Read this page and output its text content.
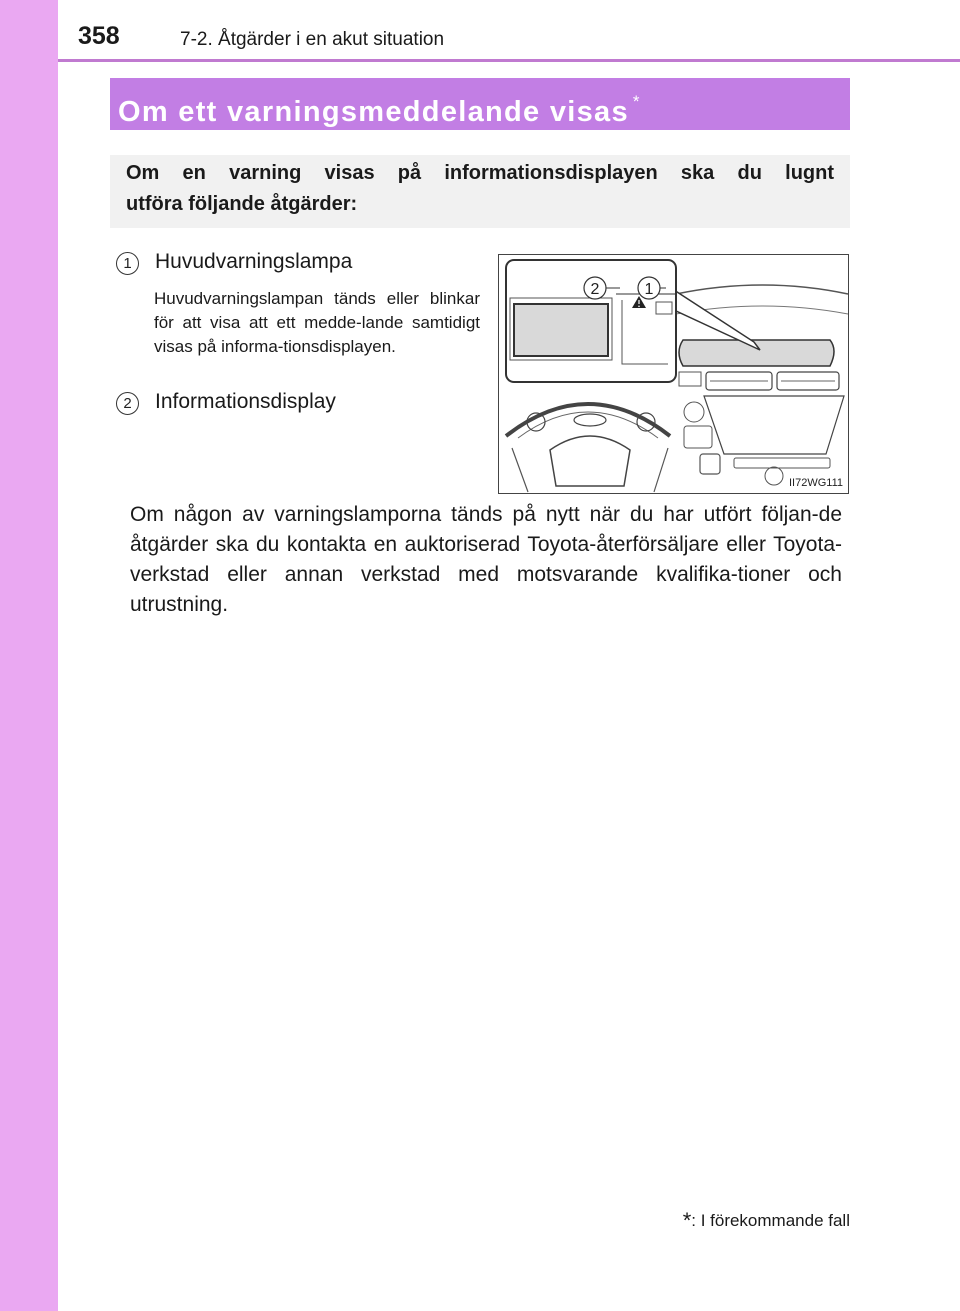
358	7-2. Åtgärder i en akut situation
Om ett varningsmeddelande visas *
Om en varning visas på informationsdisplayen ska du lugnt
utföra följande åtgärder:
1	Huvudvarningslampa
Huvudvarningslampan tänds eller blinkar för att visa att ett medde-lande samtidigt visas på informa-tionsdisplayen.
2	Informationsdisplay
2	1
II72WG111
Om någon av varningslamporna tänds på nytt när du har utfört följan-de åtgärder ska du kontakta en auktoriserad Toyota-återförsäljare eller Toyota-verkstad eller annan verkstad med motsvarande kvalifika-tioner och utrustning.
*: I förekommande fall
